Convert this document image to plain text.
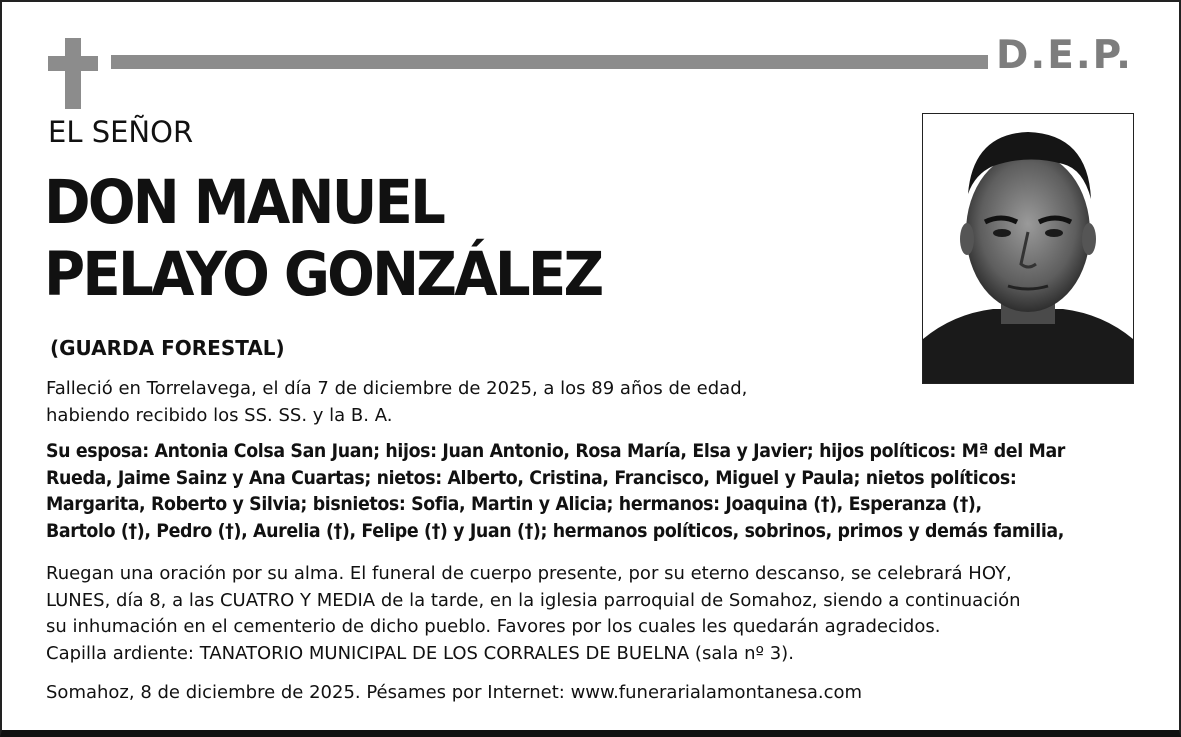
D.E.P.
EL SEÑOR
DON MANUEL
PELAYO GONZÁLEZ
(GUARDA FORESTAL)
Falleció en Torrelavega, el día 7 de diciembre de 2025, a los 89 años de edad,
habiendo recibido los SS. SS. y la B. A.
Su esposa: Antonia Colsa San Juan; hijos: Juan Antonio, Rosa María, Elsa y Javier; hijos políticos: Mª del Mar
Rueda, Jaime Sainz y Ana Cuartas; nietos: Alberto, Cristina, Francisco, Miguel y Paula; nietos políticos:
Margarita, Roberto y Silvia; bisnietos: Sofia, Martin y Alicia; hermanos: Joaquina (†), Esperanza (†),
Bartolo (†), Pedro (†), Aurelia (†), Felipe (†) y Juan (†); hermanos políticos, sobrinos, primos y demás familia,
Ruegan una oración por su alma. El funeral de cuerpo presente, por su eterno descanso, se celebrará HOY,
LUNES, día 8, a las CUATRO Y MEDIA de la tarde, en la iglesia parroquial de Somahoz, siendo a continuación
su inhumación en el cementerio de dicho pueblo. Favores por los cuales les quedarán agradecidos.
Capilla ardiente: TANATORIO MUNICIPAL DE LOS CORRALES DE BUELNA (sala nº 3).
Somahoz, 8 de diciembre de 2025. Pésames por Internet: www.funerarialamontanesa.com
